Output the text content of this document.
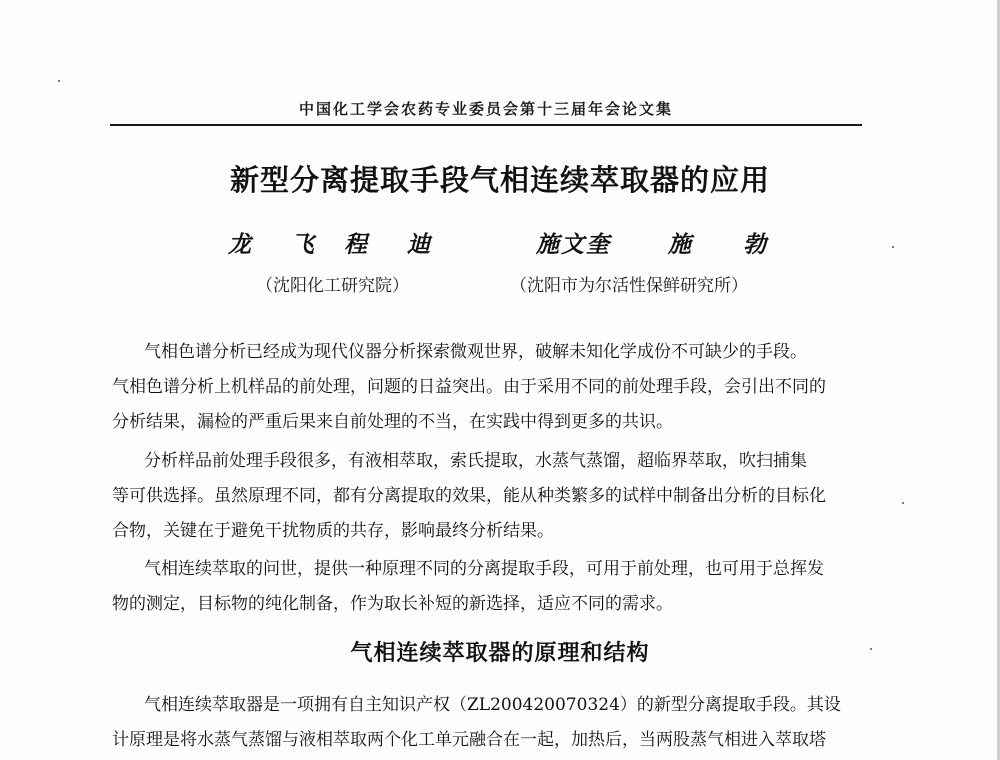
中国化工学会农药专业委员会第十三届年会论文集
新型分离提取手段气相连续萃取器的应用
龙 飞 程 迪	施文奎 施 勃
（沈阳化工研究院）	（沈阳市为尔活性保鲜研究所）
气相色谱分析已经成为现代仪器分析探索微观世界，破解未知化学成份不可缺少的手段。
气相色谱分析上机样品的前处理，问题的日益突出。由于采用不同的前处理手段，会引出不同的
分析结果，漏检的严重后果来自前处理的不当，在实践中得到更多的共识。
分析样品前处理手段很多，有液相萃取，索氏提取，水蒸气蒸馏，超临界萃取，吹扫捕集
等可供选择。虽然原理不同，都有分离提取的效果，能从种类繁多的试样中制备出分析的目标化
合物，关键在于避免干扰物质的共存，影响最终分析结果。
气相连续萃取的问世，提供一种原理不同的分离提取手段，可用于前处理，也可用于总挥发
物的测定，目标物的纯化制备，作为取长补短的新选择，适应不同的需求。
气相连续萃取器的原理和结构
气相连续萃取器是一项拥有自主知识产权（ZL200420070324）的新型分离提取手段。其设
计原理是将水蒸气蒸馏与液相萃取两个化工单元融合在一起，加热后，当两股蒸气相进入萃取塔
